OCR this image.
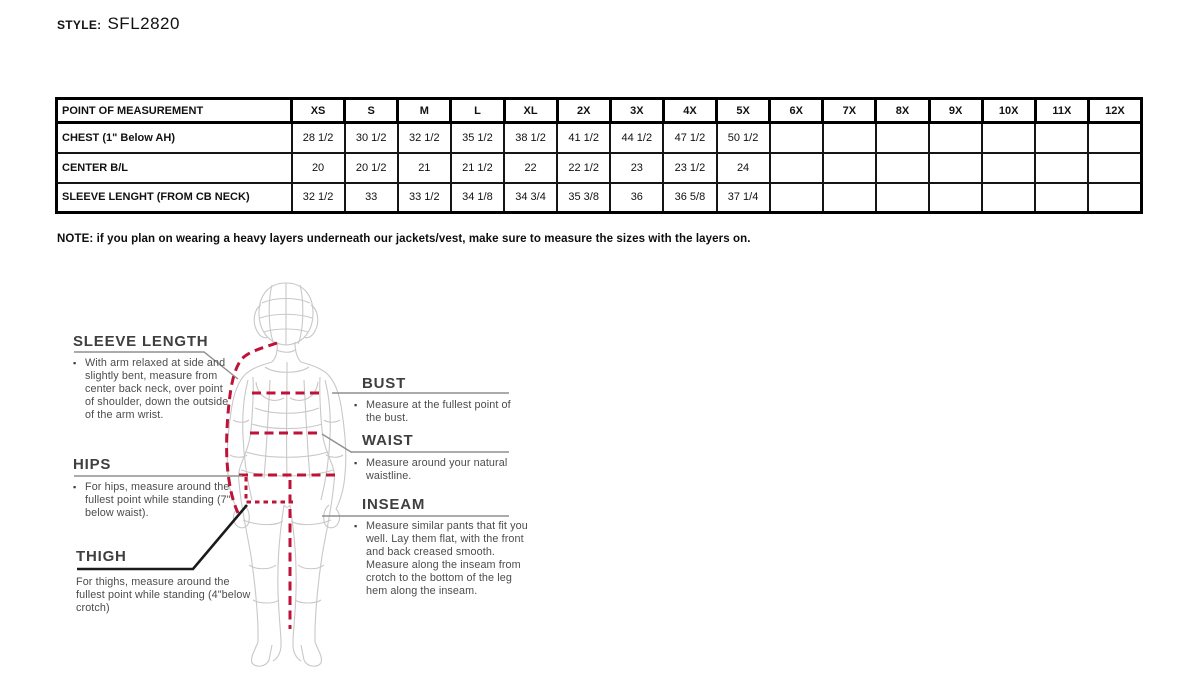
STYLE: SFL2820
POINT OF MEASUREMENT	XS	S	M	L	XL	2X	3X	4X	5X	6X	7X	8X	9X	10X	11X	12X
CHEST (1" Below AH)	28 1/2	30 1/2	32 1/2	35 1/2	38 1/2	41 1/2	44 1/2	47 1/2	50 1/2							
CENTER B/L	20	20 1/2	21	21 1/2	22	22 1/2	23	23 1/2	24							
SLEEVE LENGHT (FROM CB NECK)	32 1/2	33	33 1/2	34 1/8	34 3/4	35 3/8	36	36 5/8	37 1/4							

NOTE: if you plan on wearing a heavy layers underneath our jackets/vest, make sure to measure the sizes with the layers on.

SLEEVE LENGTH
▪ With arm relaxed at side and slightly bent, measure from center back neck, over point of shoulder, down the outside of the arm wrist.
HIPS
▪ For hips, measure around the fullest point while standing (7" below waist).
THIGH
For thighs, measure around the fullest point while standing (4"below crotch)
BUST
▪ Measure at the fullest point of the bust.
WAIST
▪ Measure around your natural waistline.
INSEAM
▪ Measure similar pants that fit you well. Lay them flat, with the front and back creased smooth. Measure along the inseam from crotch to the bottom of the leg hem along the inseam.
